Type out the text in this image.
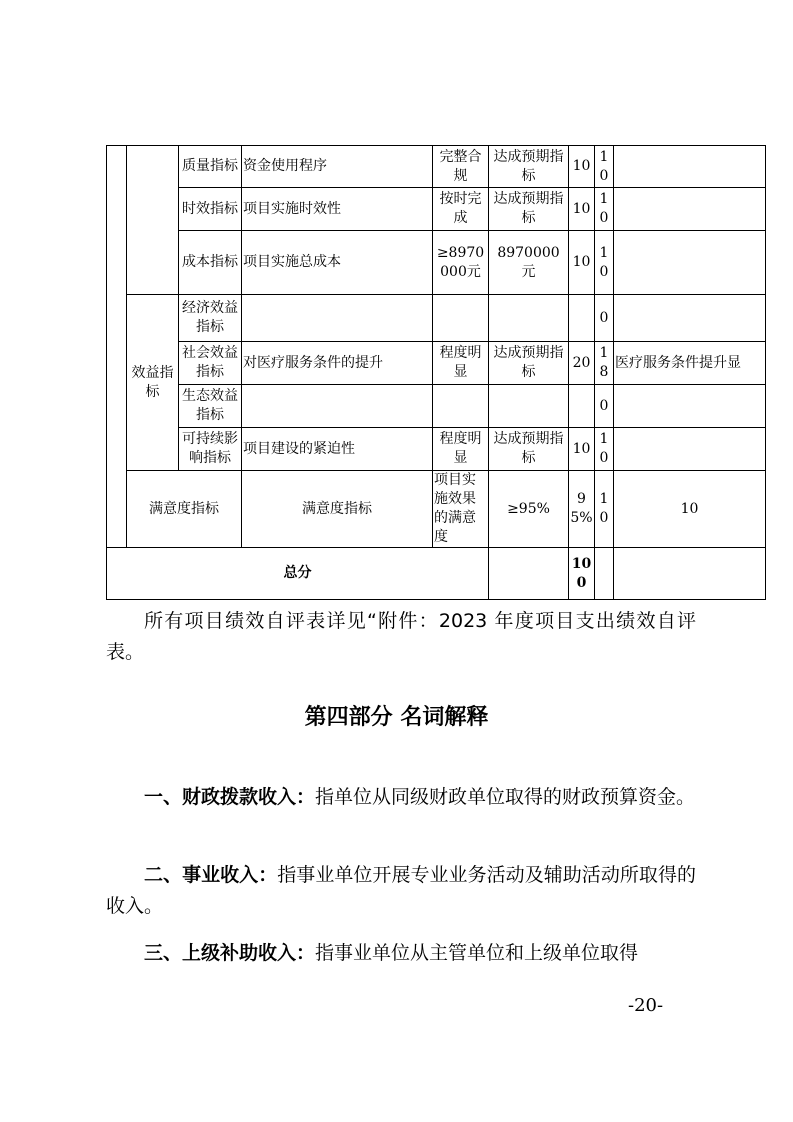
		质量指标	资金使用程序	完整合规	达成预期指标	10	10		
		时效指标	项目实施时效性	按时完成	达成预期指标	10	10		
		成本指标	项目实施总成本	≥8970000元	8970000 元	10	10		
	效益指标	经济效益指标					0		
		社会效益指标	对医疗服务条件的提升	程度明显	达成预期指标	20	18	医疗服务条件提升显	
		生态效益指标					0		
		可持续影响指标	项目建设的紧迫性	程度明显	达成预期指标	10	10		
	满意度指标		满意度指标	项目实施效果的满意度	≥95%	95%	10	10	
总分						100			

所有项目绩效自评表详见“附件：2023 年度项目支出绩效自评表。

第四部分 名词解释

一、财政拨款收入：指单位从同级财政单位取得的财政预算资金。

二、事业收入：指事业单位开展专业业务活动及辅助活动所取得的收入。

三、上级补助收入：指事业单位从主管单位和上级单位取得

-20-
